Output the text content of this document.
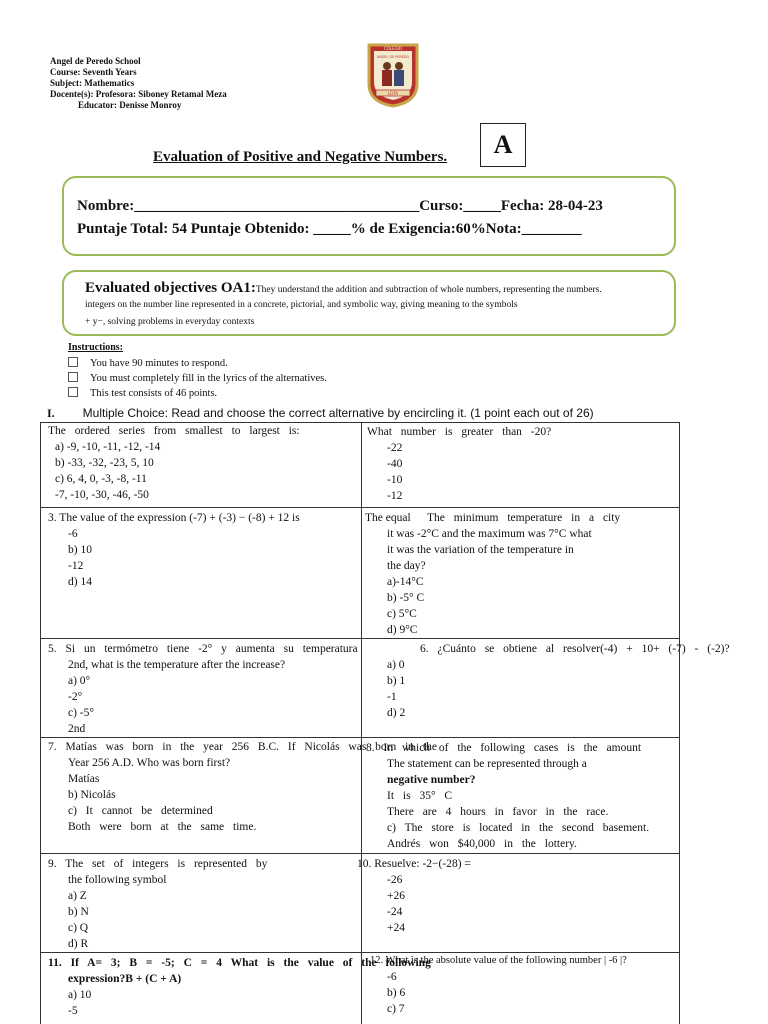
Angel de Peredo School
Course: Seventh Years
Subject: Mathematics
Docente(s): Profesora: Siboney Retamal Meza
Educator: Denisse Monroy
COLEGIO
ANGEL DE PEREDO
LOTA
Evaluation of Positive and Negative Numbers.	A
Nombre:______________________________________Curso:_____Fecha: 28-04-23
Puntaje Total: 54 Puntaje Obtenido: _____% de Exigencia:60%Nota:________
Evaluated objectives OA1:They understand the addition and subtraction of whole numbers, representing the numbers.
integers on the number line represented in a concrete, pictorial, and symbolic way, giving meaning to the symbols
+ y−, solving problems in everyday contexts
Instructions:
You have 90 minutes to respond.
You must completely fill in the lyrics of the alternatives.
This test consists of 46 points.
I. Multiple Choice: Read and choose the correct alternative by encircling it. (1 point each out of 26)
The ordered series from smallest to largest is:
a) -9, -10, -11, -12, -14
b) -33, -32, -23, 5, 10
c) 6, 4, 0, -3, -8, -11
-7, -10, -30, -46, -50
What number is greater than -20?
-22
-40
-10
-12
3. The value of the expression (-7) + (-3) − (-8) + 12 is
-6
b) 10
-12
d) 14
The equal	The minimum temperature in a city
it was -2°C and the maximum was 7°C what
it was the variation of the temperature in
the day?
a)-14°C
b) -5° C
c) 5°C
d) 9°C
5. Si un termómetro tiene -2° y aumenta su temperatura
2nd, what is the temperature after the increase?
a) 0°
-2°
c) -5°
2nd
6. ¿Cuánto se obtiene al resolver(-4) + 10+ (-7) - (-2)?
a) 0
b) 1
-1
d) 2
7. Matías was born in the year 256 B.C. If Nicolás was born in the
Year 256 A.D. Who was born first?
Matías
b) Nicolás
c) It cannot be determined
Both were born at the same time.
8. In which of the following cases is the amount
The statement can be represented through a
negative number?
It is 35° C
There are 4 hours in favor in the race.
c) The store is located in the second basement.
Andrés won $40,000 in the lottery.
9. The set of integers is represented by
the following symbol
a) Z
b) N
c) Q
d) R
10. Resuelve: -2−(-28) =
-26
+26
-24
+24
11. If A= 3; B = -5; C = 4 What is the value of the following
expression?B + (C + A)
a) 10
-5
12. What is the absolute value of the following number | -6 |?
-6
b) 6
c) 7
